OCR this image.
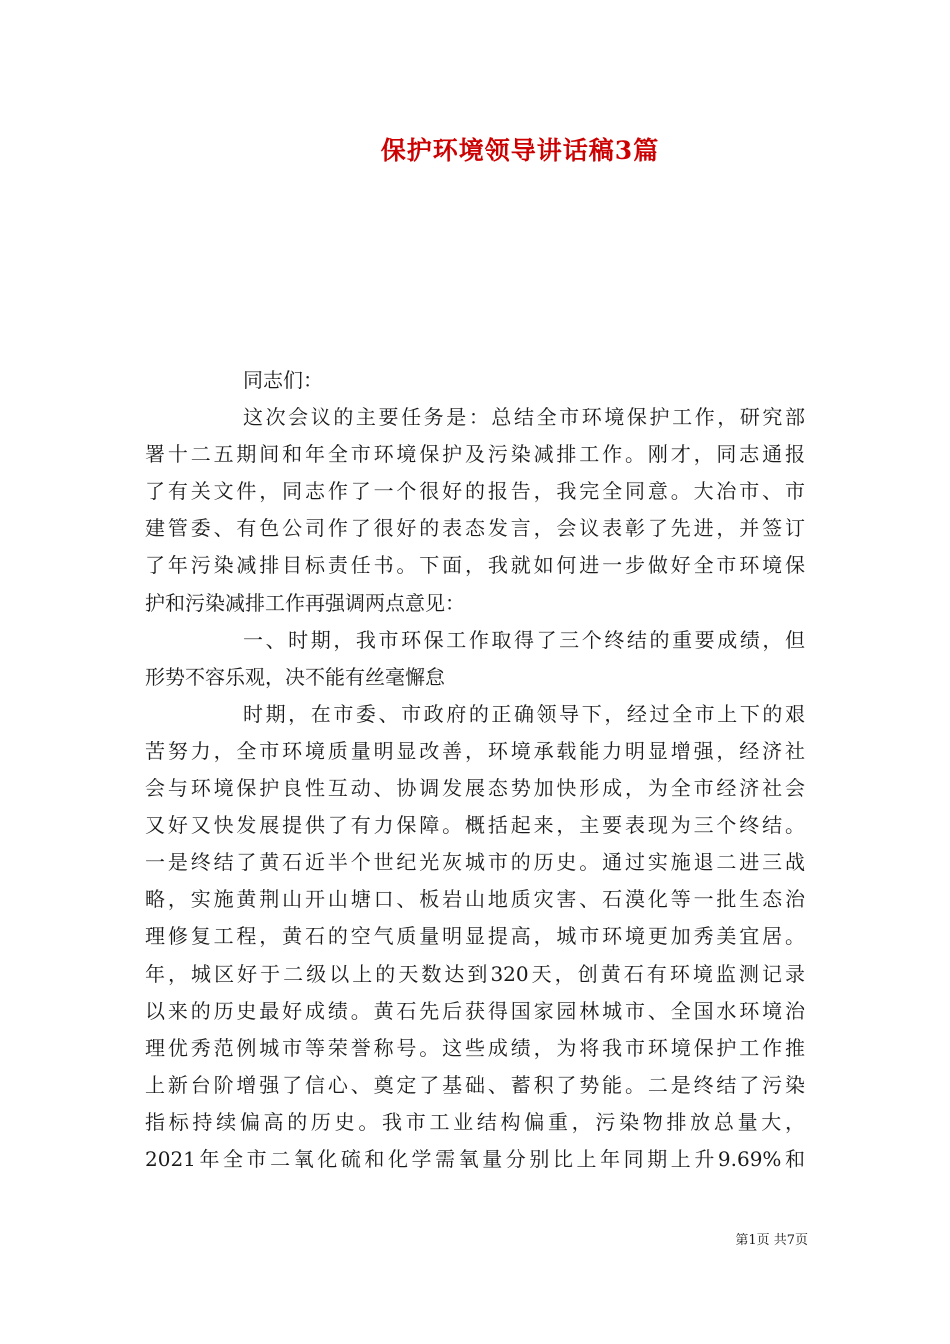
保护环境领导讲话稿3篇
同志们：
这次会议的主要任务是：总结全市环境保护工作，研究部
署十二五期间和年全市环境保护及污染减排工作。刚才，同志通报
了有关文件，同志作了一个很好的报告，我完全同意。大冶市、市
建管委、有色公司作了很好的表态发言，会议表彰了先进，并签订
了年污染减排目标责任书。下面，我就如何进一步做好全市环境保
护和污染减排工作再强调两点意见：
一、时期，我市环保工作取得了三个终结的重要成绩，但
形势不容乐观，决不能有丝毫懈怠
时期，在市委、市政府的正确领导下，经过全市上下的艰
苦努力，全市环境质量明显改善，环境承载能力明显增强，经济社
会与环境保护良性互动、协调发展态势加快形成，为全市经济社会
又好又快发展提供了有力保障。概括起来，主要表现为三个终结。
一是终结了黄石近半个世纪光灰城市的历史。通过实施退二进三战
略，实施黄荆山开山塘口、板岩山地质灾害、石漠化等一批生态治
理修复工程，黄石的空气质量明显提高，城市环境更加秀美宜居。
年，城区好于二级以上的天数达到320天，创黄石有环境监测记录
以来的历史最好成绩。黄石先后获得国家园林城市、全国水环境治
理优秀范例城市等荣誉称号。这些成绩，为将我市环境保护工作推
上新台阶增强了信心、奠定了基础、蓄积了势能。二是终结了污染
指标持续偏高的历史。我市工业结构偏重，污染物排放总量大，
2021年全市二氧化硫和化学需氧量分别比上年同期上升9.69%和
第1页 共7页
